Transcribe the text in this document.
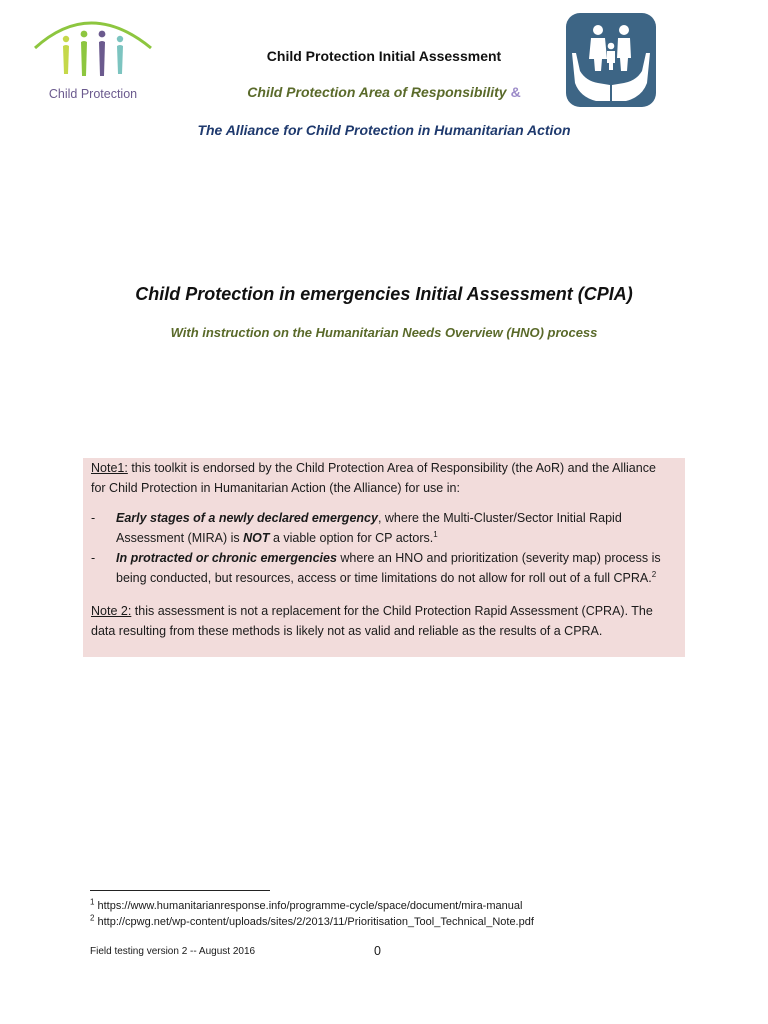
Child Protection
Child Protection Initial Assessment
Child Protection Area of Responsibility &
The Alliance for Child Protection in Humanitarian Action
Child Protection in emergencies Initial Assessment (CPIA)
With instruction on the Humanitarian Needs Overview (HNO) process

Note1: this toolkit is endorsed by the Child Protection Area of Responsibility (the AoR) and the Alliance for Child Protection in Humanitarian Action (the Alliance) for use in:

- Early stages of a newly declared emergency, where the Multi-Cluster/Sector Initial Rapid Assessment (MIRA) is NOT a viable option for CP actors.$^1$
- In protracted or chronic emergencies where an HNO and prioritization (severity map) process is being conducted, but resources, access or time limitations do not allow for roll out of a full CPRA.$^2$

Note 2: this assessment is not a replacement for the Child Protection Rapid Assessment (CPRA). The data resulting from these methods is likely not as valid and reliable as the results of a CPRA.

$^1$ https://www.humanitarianresponse.info/programme-cycle/space/document/mira-manual
$^2$ http://cpwg.net/wp-content/uploads/sites/2/2013/11/Prioritisation_Tool_Technical_Note.pdf
Field testing version 2 -- August 2016	0
